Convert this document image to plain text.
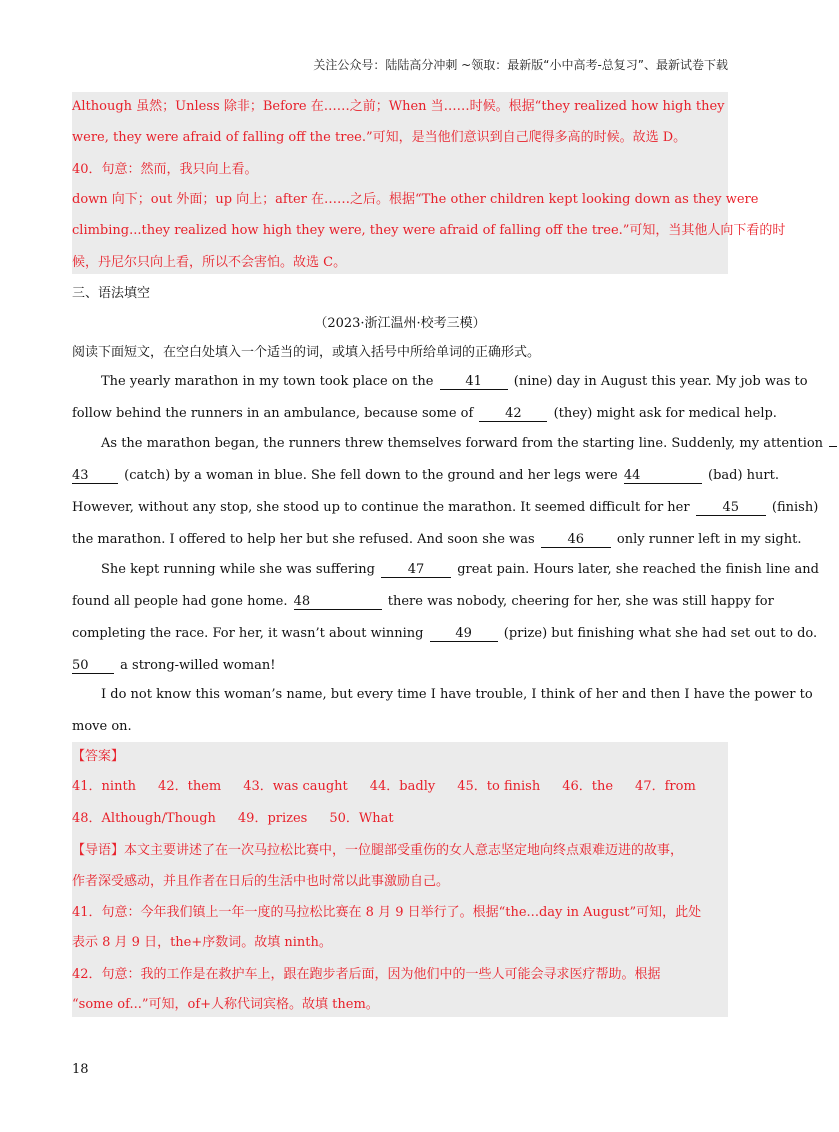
关注公众号：陆陆高分冲刺 ~领取：最新版“小中高考-总复习”、最新试卷下载
Although 虽然；Unless 除非；Before 在……之前；When 当……时候。根据“they realized how high they
were, they were afraid of falling off the tree.”可知，是当他们意识到自己爬得多高的时候。故选 D。
40．句意：然而，我只向上看。
down 向下；out 外面；up 向上；after 在……之后。根据“The other children kept looking down as they were
climbing...they realized how high they were, they were afraid of falling off the tree.”可知，当其他人向下看的时
候，丹尼尔只向上看，所以不会害怕。故选 C。
三、语法填空
（2023·浙江温州·校考三模）
阅读下面短文，在空白处填入一个适当的词，或填入括号中所给单词的正确形式。
The yearly marathon in my town took place on the 41 (nine) day in August this year. My job was to
follow behind the runners in an ambulance, because some of 42 (they) might ask for medical help.
As the marathon began, the runners threw themselves forward from the starting line. Suddenly, my attention
43	(catch) by a woman in blue. She fell down to the ground and her legs were 44	(bad) hurt.
However, without any stop, she stood up to continue the marathon. It seemed difficult for her	45	(finish)
the marathon. I offered to help her but she refused. And soon she was	46	only runner left in my sight.
She kept running while she was suffering	47	great pain. Hours later, she reached the finish line and
found all people had gone home. 48	there was nobody, cheering for her, she was still happy for
completing the race. For her, it wasn’t about winning 49 (prize) but finishing what she had set out to do.
50 a strong-willed woman!
I do not know this woman’s name, but every time I have trouble, I think of her and then I have the power to
move on.
【答案】
41．ninth 42．them 43．was caught 44．badly 45．to finish 46．the 47．from
48．Although/Though 49．prizes 50．What
【导语】本文主要讲述了在一次马拉松比赛中，一位腿部受重伤的女人意志坚定地向终点艰难迈进的故事，
作者深受感动，并且作者在日后的生活中也时常以此事激励自己。
41．句意：今年我们镇上一年一度的马拉松比赛在 8 月 9 日举行了。根据“the...day in August”可知，此处
表示 8 月 9 日，the+序数词。故填 ninth。
42．句意：我的工作是在救护车上，跟在跑步者后面，因为他们中的一些人可能会寻求医疗帮助。根据
“some of...”可知，of+人称代词宾格。故填 them。
18
